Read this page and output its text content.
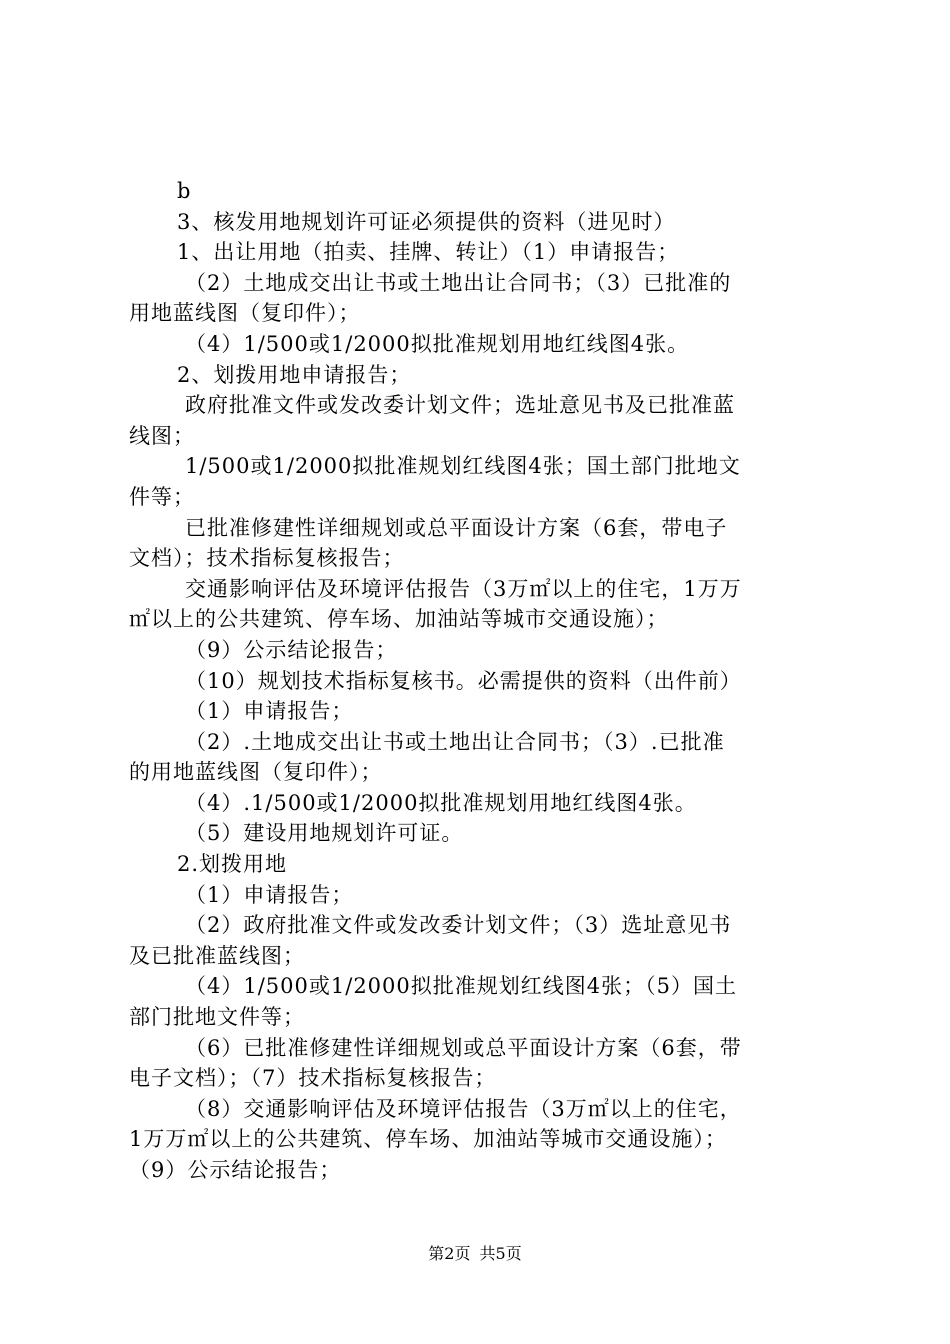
b
3、核发用地规划许可证必须提供的资料（进见时）
1、出让用地（拍卖、挂牌、转让）（1）申请报告；
（2）土地成交出让书或土地出让合同书；（3）已批准的
用地蓝线图（复印件）；
（4）1/500或1/2000拟批准规划用地红线图4张。
2、划拨用地申请报告；
政府批准文件或发改委计划文件；选址意见书及已批准蓝
线图；
1/500或1/2000拟批准规划红线图4张；国土部门批地文
件等；
已批准修建性详细规划或总平面设计方案（6套，带电子
文档）；技术指标复核报告；
交通影响评估及环境评估报告（3万㎡以上的住宅，1万万
㎡以上的公共建筑、停车场、加油站等城市交通设施）；
（9）公示结论报告；
（10）规划技术指标复核书。必需提供的资料（出件前）
（1）申请报告；
（2）.土地成交出让书或土地出让合同书；（3）.已批准
的用地蓝线图（复印件）；
（4）.1/500或1/2000拟批准规划用地红线图4张。
（5）建设用地规划许可证。
2.划拨用地
（1）申请报告；
（2）政府批准文件或发改委计划文件；（3）选址意见书
及已批准蓝线图；
（4）1/500或1/2000拟批准规划红线图4张；（5）国土
部门批地文件等；
（6）已批准修建性详细规划或总平面设计方案（6套，带
电子文档）；（7）技术指标复核报告；
（8）交通影响评估及环境评估报告（3万㎡以上的住宅，
1万万㎡以上的公共建筑、停车场、加油站等城市交通设施）；
（9）公示结论报告；
第2页 共5页
